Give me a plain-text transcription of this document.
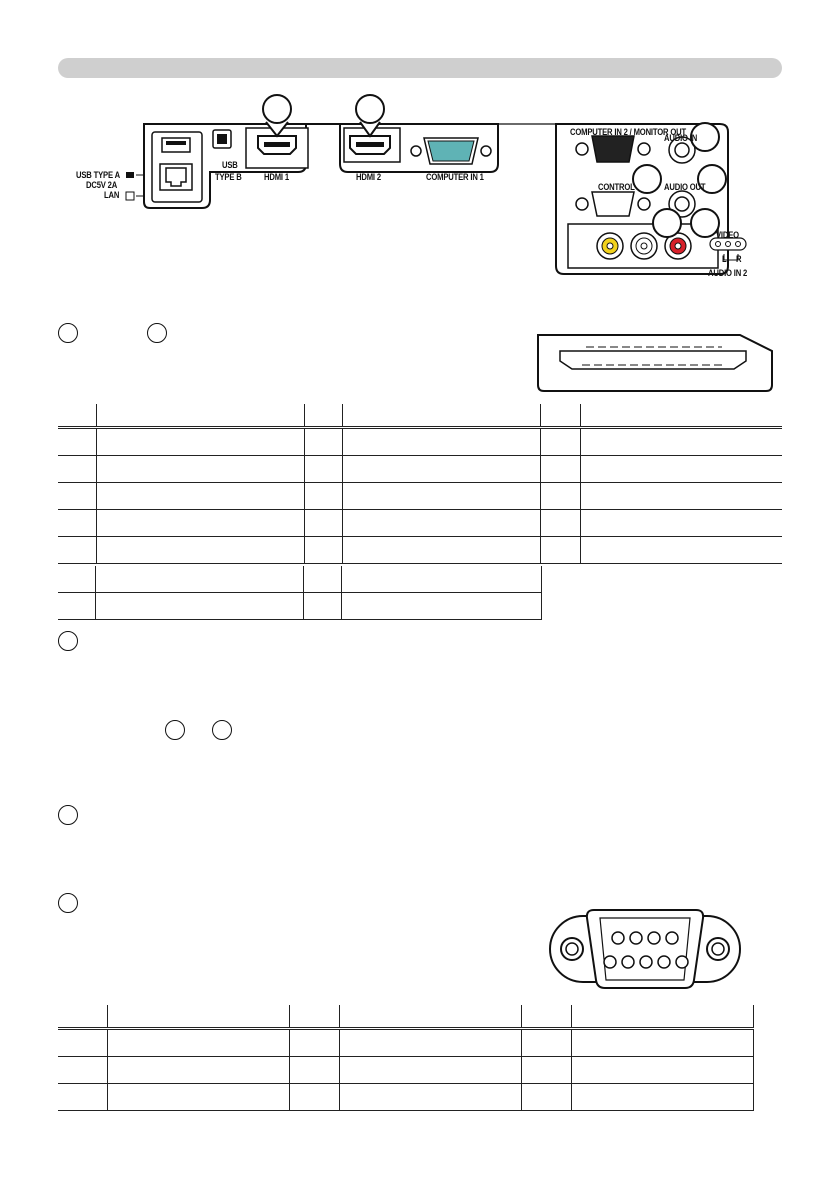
USB TYPE A
DC5V 2A
LAN
USB
TYPE B HDMI 1	HDMI 2	COMPUTER IN 1
COMPUTER IN 2 / MONITOR OUT
AUDIO IN
CONTROL	AUDIO OUT
VIDEO
L R
AUDIO IN 2
